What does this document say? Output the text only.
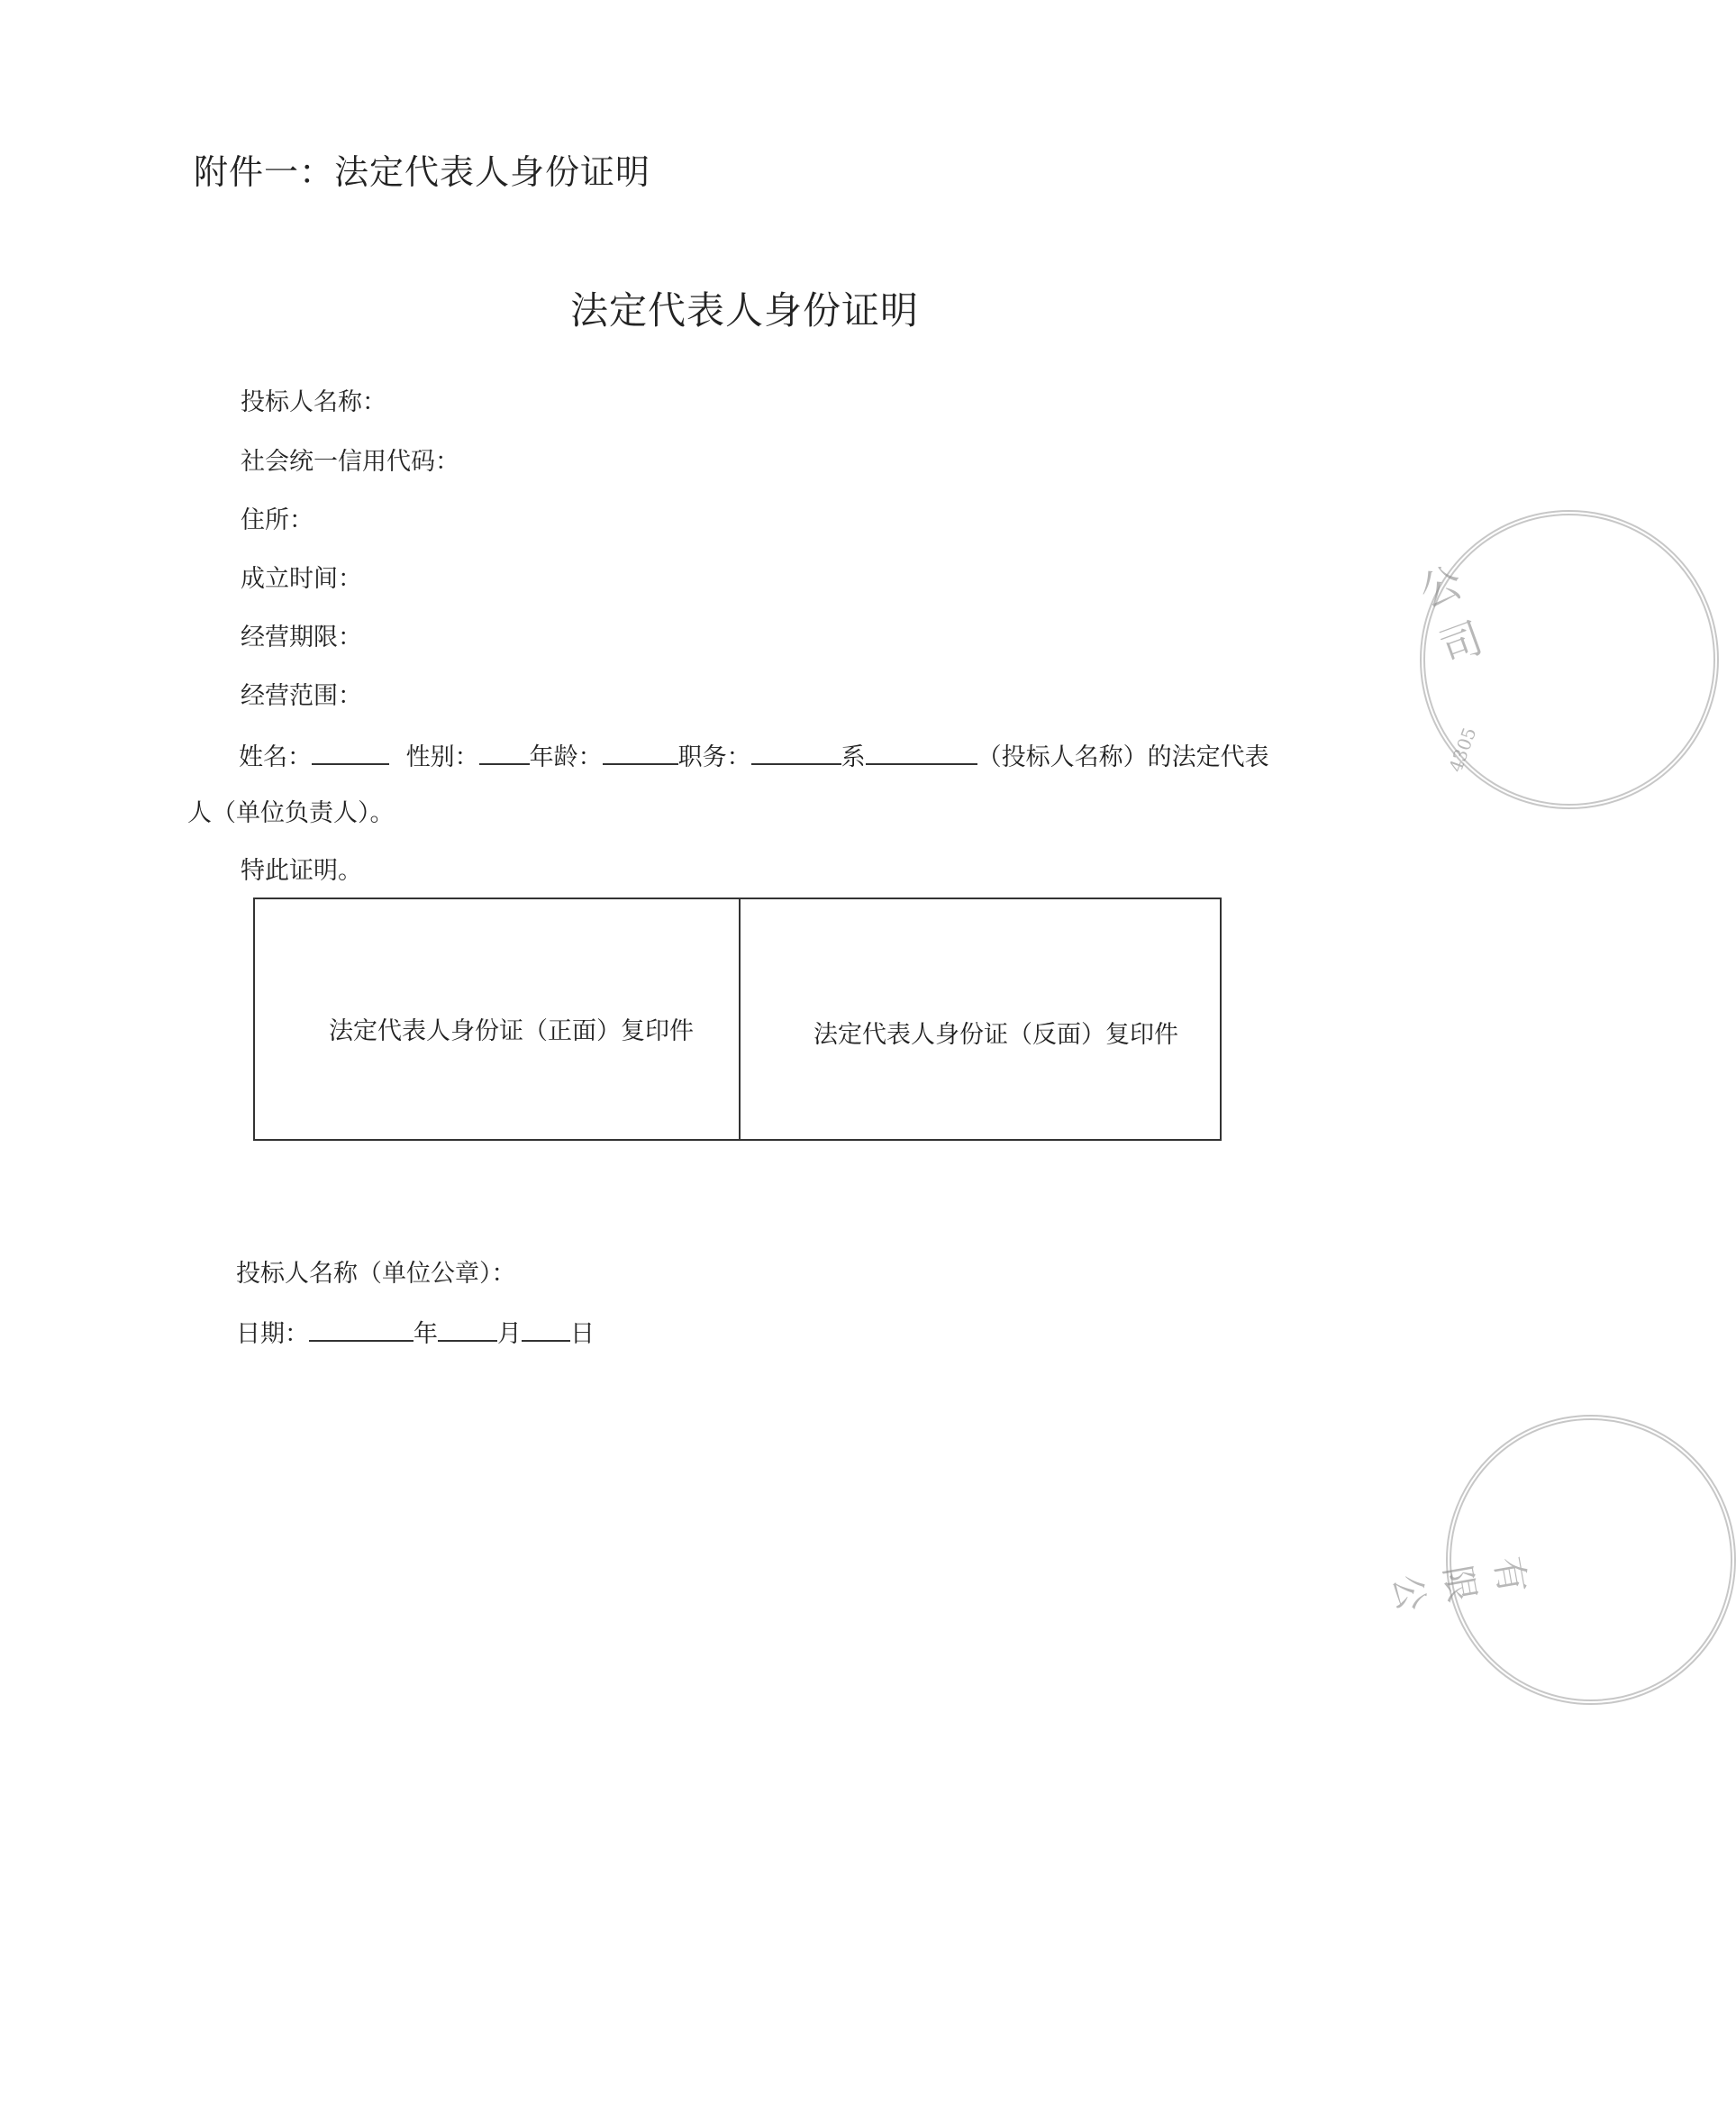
附件一：法定代表人身份证明
法定代表人身份证明
投标人名称：
社会统一信用代码：
住所：
成立时间：
经营期限：
经营范围：
姓名：	性别： 年龄：	职务：	系	（投标人名称）的法定代表
人（单位负责人）。
特此证明。
法定代表人身份证（正面）复印件	法定代表人身份证（反面）复印件
投标人名称（单位公章）：
日期：	年 月 日
公司
4305
有限公
